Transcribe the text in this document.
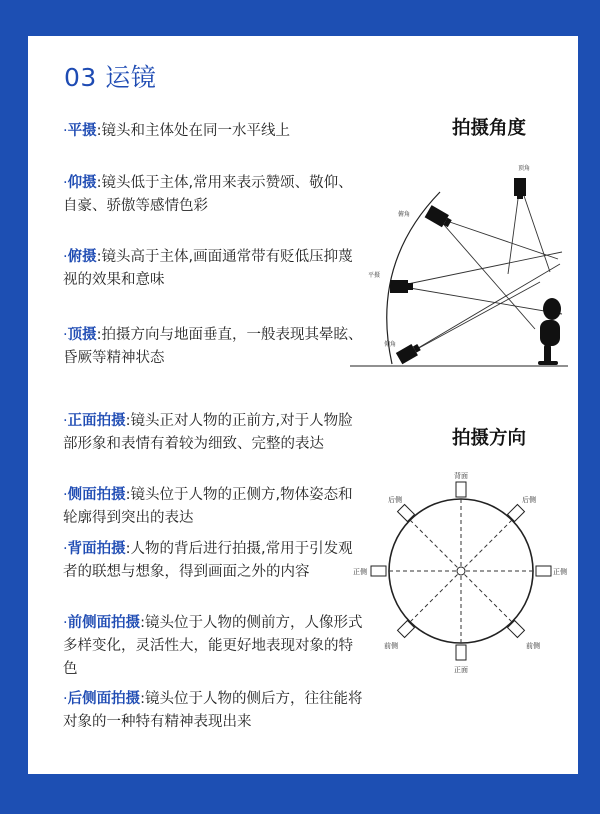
03 运镜
·平摄:镜头和主体处在同一水平线上
·仰摄:镜头低于主体,常用来表示赞颂、敬仰、自豪、骄傲等感情色彩
·俯摄:镜头高于主体,画面通常带有贬低压抑蔑视的效果和意味
·顶摄:拍摄方向与地面垂直，一般表现其晕眩、昏厥等精神状态
·正面拍摄:镜头正对人物的正前方,对于人物脸部形象和表情有着较为细致、完整的表达
·侧面拍摄:镜头位于人物的正侧方,物体姿态和轮廓得到突出的表达
·背面拍摄:人物的背后进行拍摄,常用于引发观者的联想与想象，得到画面之外的内容
·前侧面拍摄:镜头位于人物的侧前方，人像形式多样变化，灵活性大，能更好地表现对象的特色
·后侧面拍摄:镜头位于人物的侧后方，往往能将对象的一种特有精神表现出来
拍摄角度
拍摄方向
顶角
俯角
平摄
仰角
背面
后侧	后侧
正侧	正侧
前侧	前侧
正面
